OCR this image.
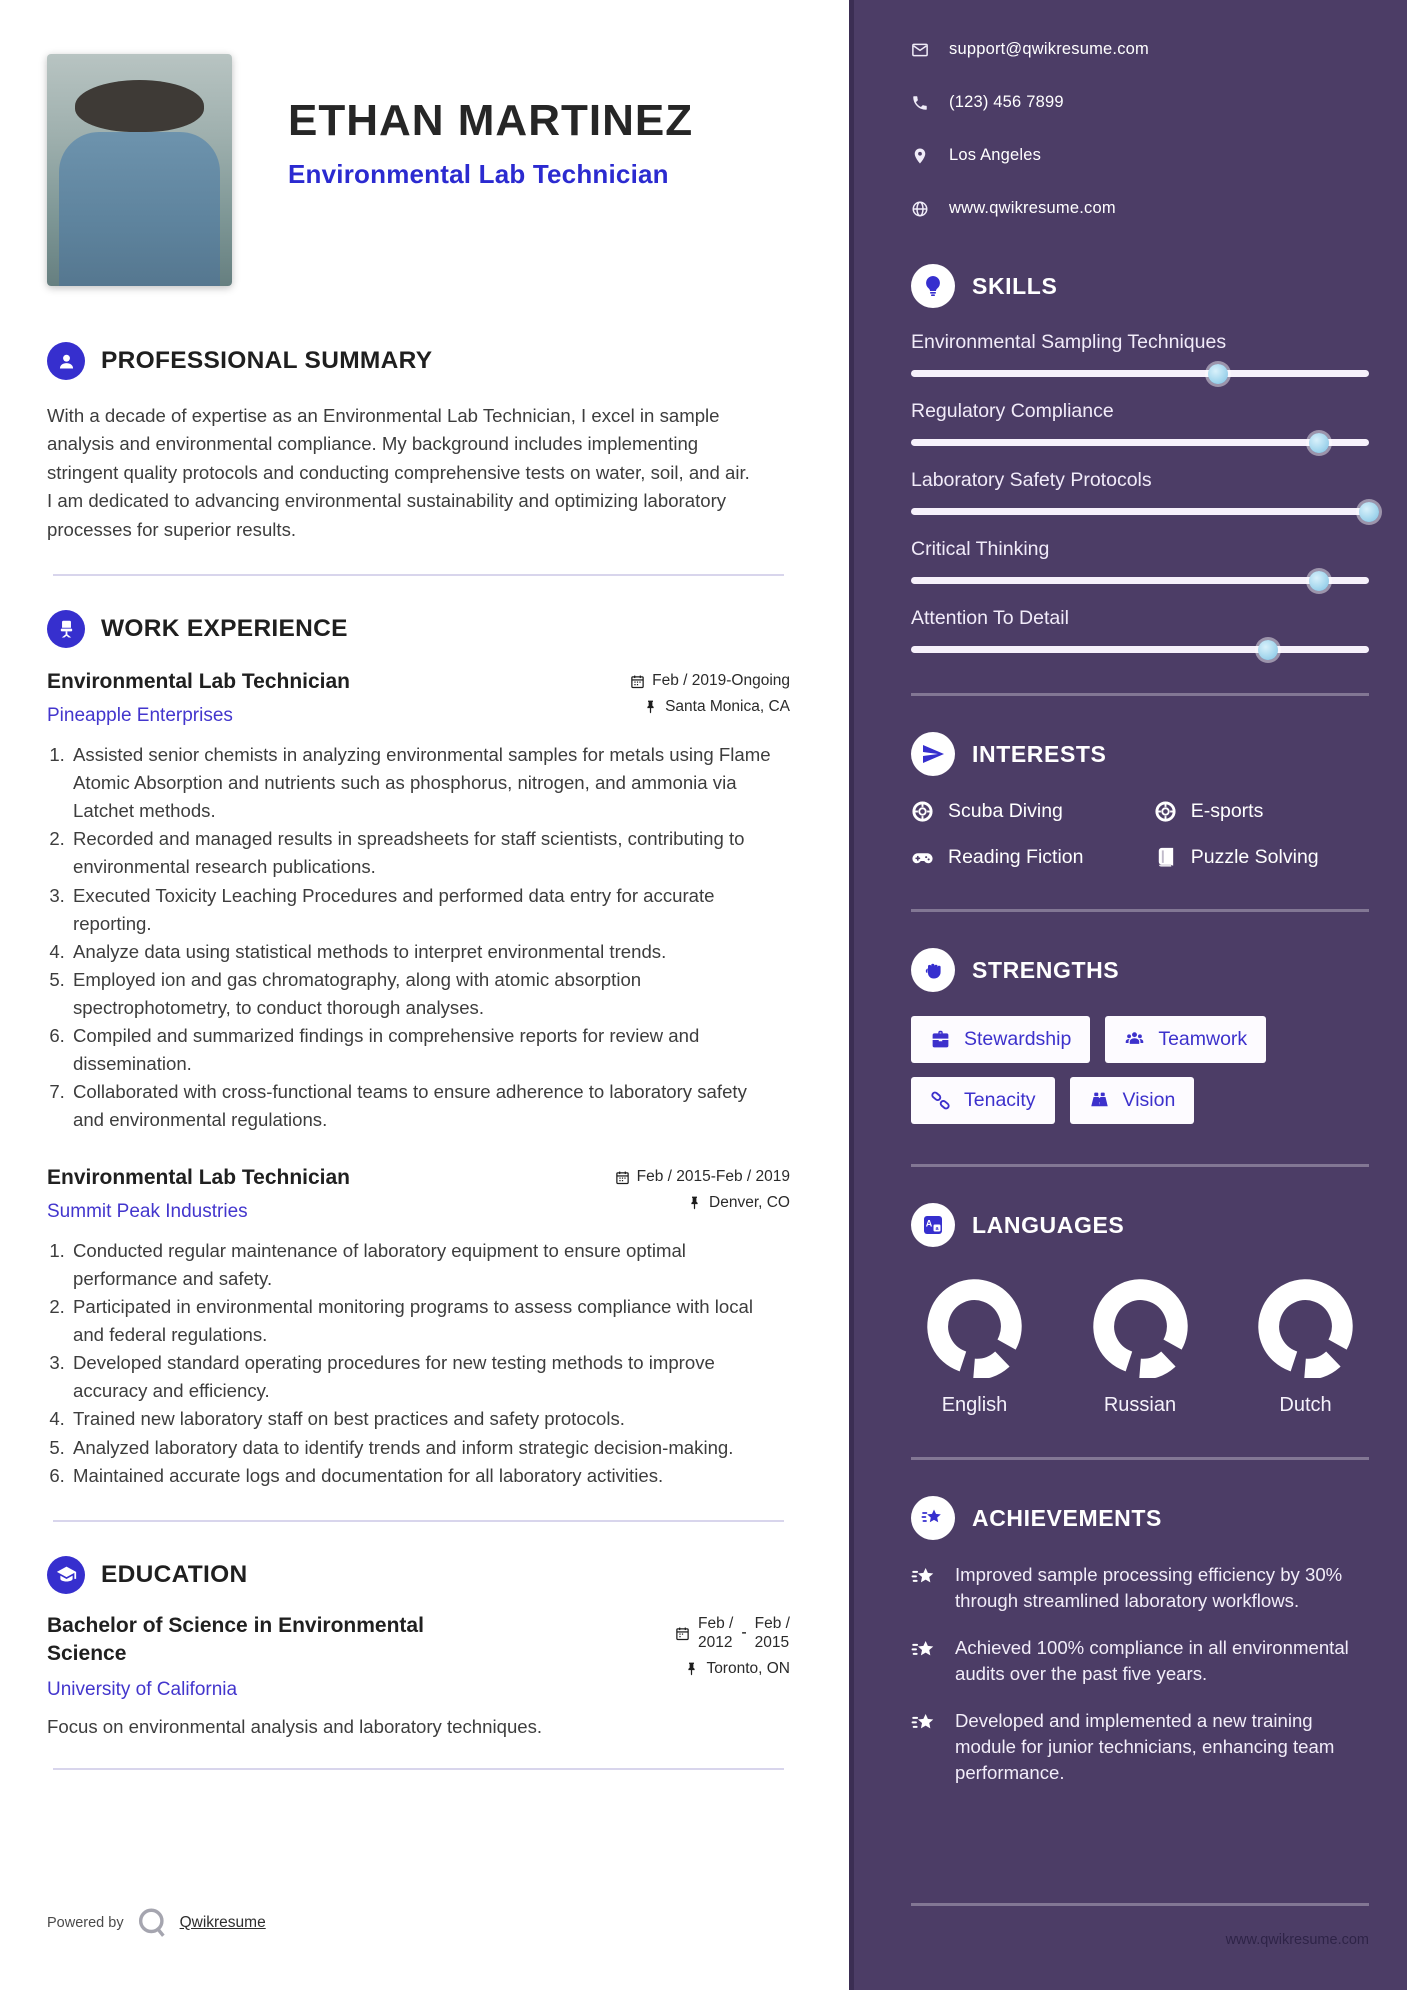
ETHAN MARTINEZ
Environmental Lab Technician
PROFESSIONAL SUMMARY

With a decade of expertise as an Environmental Lab Technician, I excel in sample analysis and environmental compliance. My background includes implementing stringent quality protocols and conducting comprehensive tests on water, soil, and air. I am dedicated to advancing environmental sustainability and optimizing laboratory processes for superior results.

WORK EXPERIENCE
Environmental Lab Technician
Pineapple Enterprises
Feb / 2019-Ongoing
Santa Monica, CA
1. Assisted senior chemists in analyzing environmental samples for metals using Flame Atomic Absorption and nutrients such as phosphorus, nitrogen, and ammonia via Latchet methods.
2. Recorded and managed results in spreadsheets for staff scientists, contributing to environmental research publications.
3. Executed Toxicity Leaching Procedures and performed data entry for accurate reporting.
4. Analyze data using statistical methods to interpret environmental trends.
5. Employed ion and gas chromatography, along with atomic absorption spectrophotometry, to conduct thorough analyses.
6. Compiled and summarized findings in comprehensive reports for review and dissemination.
7. Collaborated with cross-functional teams to ensure adherence to laboratory safety and environmental regulations.
Environmental Lab Technician
Summit Peak Industries
Feb / 2015-Feb / 2019
Denver, CO
1. Conducted regular maintenance of laboratory equipment to ensure optimal performance and safety.
2. Participated in environmental monitoring programs to assess compliance with local and federal regulations.
3. Developed standard operating procedures for new testing methods to improve accuracy and efficiency.
4. Trained new laboratory staff on best practices and safety protocols.
5. Analyzed laboratory data to identify trends and inform strategic decision-making.
6. Maintained accurate logs and documentation for all laboratory activities.
EDUCATION
Bachelor of Science in Environmental Science
University of California
Feb /
2012
-
Feb /
2015
Toronto, ON
Focus on environmental analysis and laboratory techniques.
Powered by	Qwikresume
support@qwikresume.com
(123) 456 7899
Los Angeles
www.qwikresume.com
SKILLS
Environmental Sampling Techniques
Regulatory Compliance
Laboratory Safety Protocols
Critical Thinking
Attention To Detail
INTERESTS
Scuba Diving	E-sports
Reading Fiction	Puzzle Solving
STRENGTHS
Stewardship	Teamwork
Tenacity	Vision
A
a LANGUAGES
English	Russian	Dutch
ACHIEVEMENTS
Improved sample processing efficiency by 30% through streamlined laboratory workflows.
Achieved 100% compliance in all environmental audits over the past five years.
Developed and implemented a new training module for junior technicians, enhancing team performance.
www.qwikresume.com
